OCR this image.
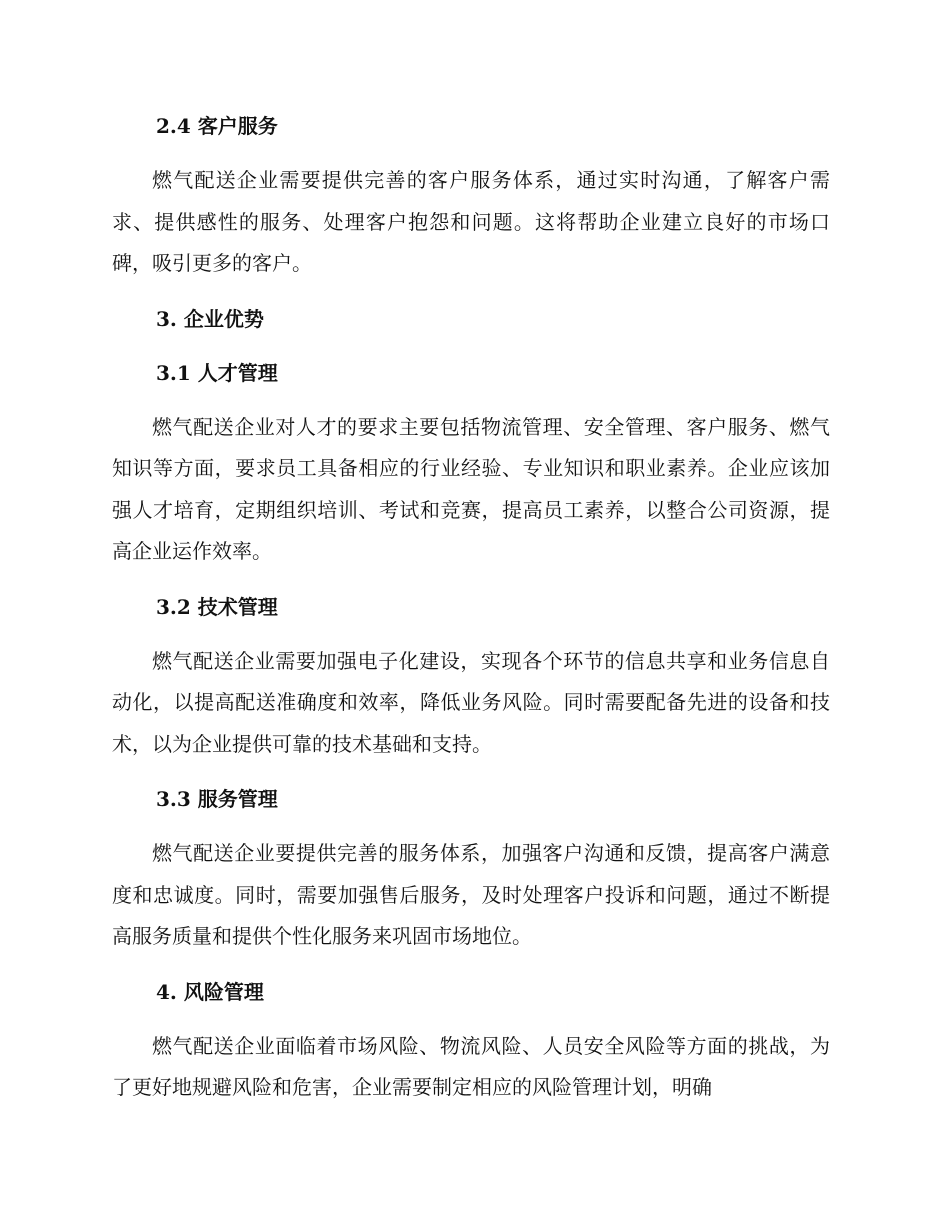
2.4 客户服务

燃气配送企业需要提供完善的客户服务体系，通过实时沟通，了解客户需求、提供感性的服务、处理客户抱怨和问题。这将帮助企业建立良好的市场口碑，吸引更多的客户。

3. 企业优势
3.1 人才管理

燃气配送企业对人才的要求主要包括物流管理、安全管理、客户服务、燃气知识等方面，要求员工具备相应的行业经验、专业知识和职业素养。企业应该加强人才培育，定期组织培训、考试和竞赛，提高员工素养，以整合公司资源，提高企业运作效率。

3.2 技术管理

燃气配送企业需要加强电子化建设，实现各个环节的信息共享和业务信息自动化，以提高配送准确度和效率，降低业务风险。同时需要配备先进的设备和技术，以为企业提供可靠的技术基础和支持。

3.3 服务管理

燃气配送企业要提供完善的服务体系，加强客户沟通和反馈，提高客户满意度和忠诚度。同时，需要加强售后服务，及时处理客户投诉和问题，通过不断提高服务质量和提供个性化服务来巩固市场地位。

4. 风险管理

燃气配送企业面临着市场风险、物流风险、人员安全风险等方面的挑战，为了更好地规避风险和危害，企业需要制定相应的风险管理计划，明确
